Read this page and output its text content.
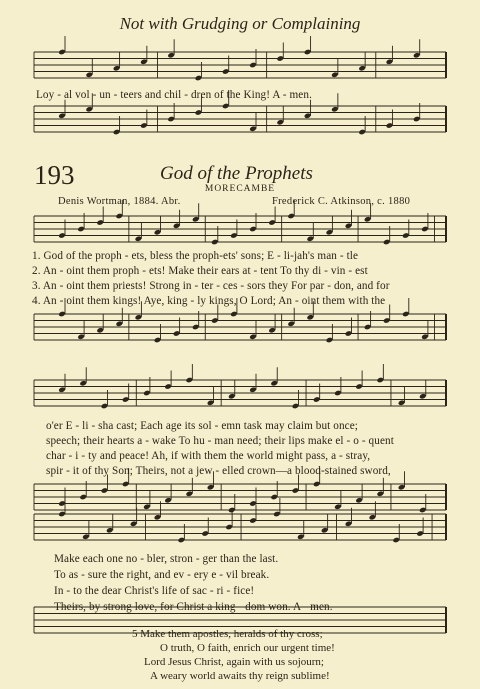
Not with Grudging or Complaining
Loy - al vol - un - teers and chil - dren of the King! A - men.
193	God of the Prophets
MORECAMBE
Denis Wortman, 1884. Abr.	Frederick C. Atkinson, c. 1880
1. God of the proph - ets, bless the proph-ets' sons; E - li-jah's man - tle
2. An - oint them proph - ets! Make their ears at - tent To thy di - vin - est
3. An - oint them priests! Strong in - ter - ces - sors they For par - don, and for
4. An - oint them kings! Aye, king - ly kings, O Lord; An - oint them with the
o'er E - li - sha cast; Each age its sol - emn task may claim but once;
speech; their hearts a - wake To hu - man need; their lips make el - o - quent
char - i - ty and peace! Ah, if with them the world might pass, a - stray,
spir - it of thy Son; Theirs, not a jew - elled crown—a blood-stained sword,
Make each one no - bler, stron - ger than the last.
To as - sure the right, and ev - ery e - vil break.
In - to the dear Christ's life of sac - ri - fice!
Theirs, by strong love, for Christ a king - dom won. A - men.
5 Make them apostles, heralds of thy cross;
O truth, O faith, enrich our urgent time!
Lord Jesus Christ, again with us sojourn;
A weary world awaits thy reign sublime!
